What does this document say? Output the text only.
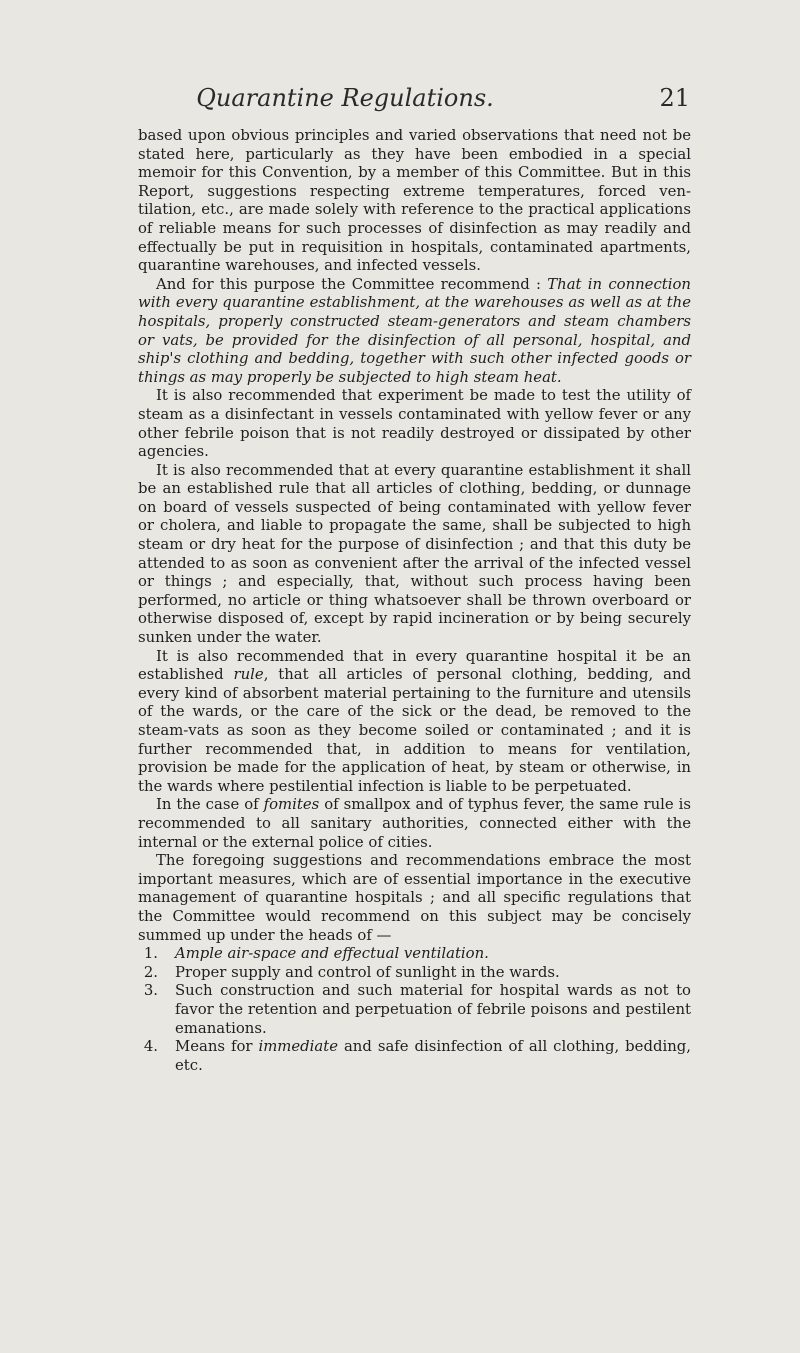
Quarantine Regulations.	21

based upon obvious principles and varied observations that need not be stated here, particularly as they have been embodied in a special memoir for this Convention, by a member of this Committee. But in this Report, suggestions respecting extreme temperatures, forced ventilation, etc., are made solely with reference to the practical applications of reliable means for such processes of disinfection as may readily and effectually be put in requisition in hospitals, contaminated apartments, quarantine warehouses, and infected vessels.

And for this purpose the Committee recommend : That in connection with every quarantine establishment, at the warehouses as well as at the hospitals, properly constructed steam-generators and steam chambers or vats, be provided for the disinfection of all personal, hospital, and ship's clothing and bedding, together with such other infected goods or things as may properly be subjected to high steam heat.

It is also recommended that experiment be made to test the utility of steam as a disinfectant in vessels contaminated with yellow fever or any other febrile poison that is not readily destroyed or dissipated by other agencies.

It is also recommended that at every quarantine establishment it shall be an established rule that all articles of clothing, bedding, or dunnage on board of vessels suspected of being contaminated with yellow fever or cholera, and liable to propagate the same, shall be subjected to high steam or dry heat for the purpose of disinfection ; and that this duty be attended to as soon as convenient after the arrival of the infected vessel or things ; and especially, that, without such process having been performed, no article or thing whatsoever shall be thrown overboard or otherwise disposed of, except by rapid incineration or by being securely sunken under the water.

It is also recommended that in every quarantine hospital it be an established rule, that all articles of personal clothing, bedding, and every kind of absorbent material pertaining to the furniture and utensils of the wards, or the care of the sick or the dead, be removed to the steam-vats as soon as they become soiled or contaminated ; and it is further recommended that, in addition to means for ventilation, provision be made for the application of heat, by steam or otherwise, in the wards where pestilential infection is liable to be perpetuated.

In the case of fomites of smallpox and of typhus fever, the same rule is recommended to all sanitary authorities, connected either with the internal or the external police of cities.

The foregoing suggestions and recommendations embrace the most important measures, which are of essential importance in the executive management of quarantine hospitals ; and all specific regulations that the Committee would recommend on this subject may be concisely summed up under the heads of —

1. Ample air-space and effectual ventilation.
2. Proper supply and control of sunlight in the wards.
3. Such construction and such material for hospital wards as not to favor the retention and perpetuation of febrile poisons and pestilent emanations.
4. Means for immediate and safe disinfection of all clothing, bedding, etc.
